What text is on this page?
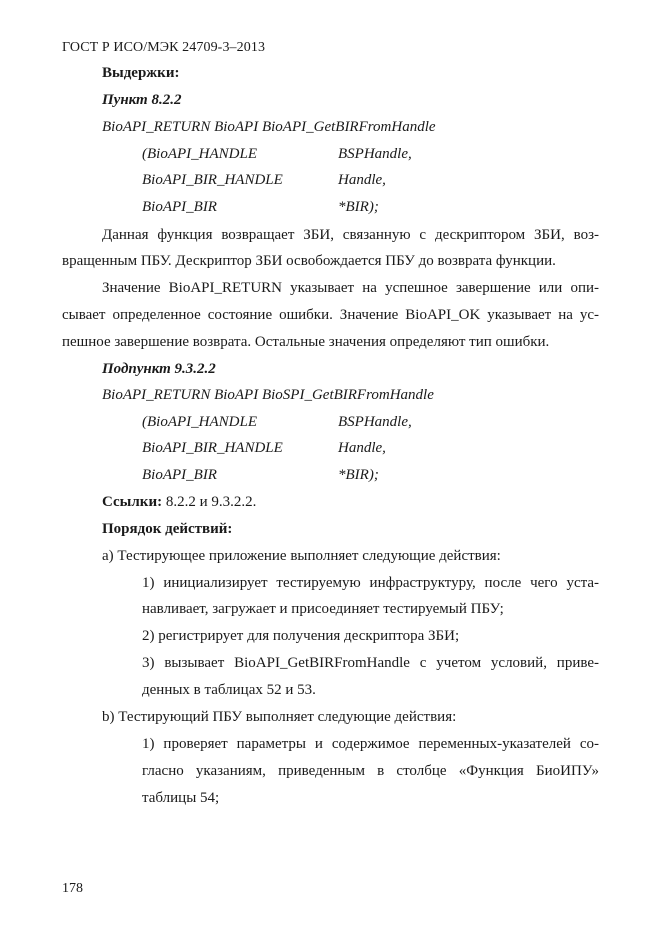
ГОСТ Р ИСО/МЭК 24709-3–2013
Выдержки:
Пункт 8.2.2
BioAPI_RETURN BioAPI BioAPI_GetBIRFromHandle
(BioAPI_HANDLE	BSPHandle,
BioAPI_BIR_HANDLE	Handle,
BioAPI_BIR	*BIR);
Данная функция возвращает ЗБИ, связанную с дескриптором ЗБИ, воз-
вращенным ПБУ. Дескриптор ЗБИ освобождается ПБУ до возврата функции.
Значение BioAPI_RETURN указывает на успешное завершение или опи-
сывает определенное состояние ошибки. Значение BioAPI_OK указывает на ус-
пешное завершение возврата. Остальные значения определяют тип ошибки.
Подпункт 9.3.2.2
BioAPI_RETURN BioAPI BioSPI_GetBIRFromHandle
(BioAPI_HANDLE	BSPHandle,
BioAPI_BIR_HANDLE	Handle,
BioAPI_BIR	*BIR);
Ссылки: 8.2.2 и 9.3.2.2.
Порядок действий:
a) Тестирующее приложение выполняет следующие действия:
1) инициализирует тестируемую инфраструктуру, после чего уста-
навливает, загружает и присоединяет тестируемый ПБУ;
2) регистрирует для получения дескриптора ЗБИ;
3) вызывает BioAPI_GetBIRFromHandle с учетом условий, приве-
денных в таблицах 52 и 53.
b) Тестирующий ПБУ выполняет следующие действия:
1) проверяет параметры и содержимое переменных-указателей со-
гласно указаниям, приведенным в столбце «Функция БиоИПУ»
таблицы 54;
178
